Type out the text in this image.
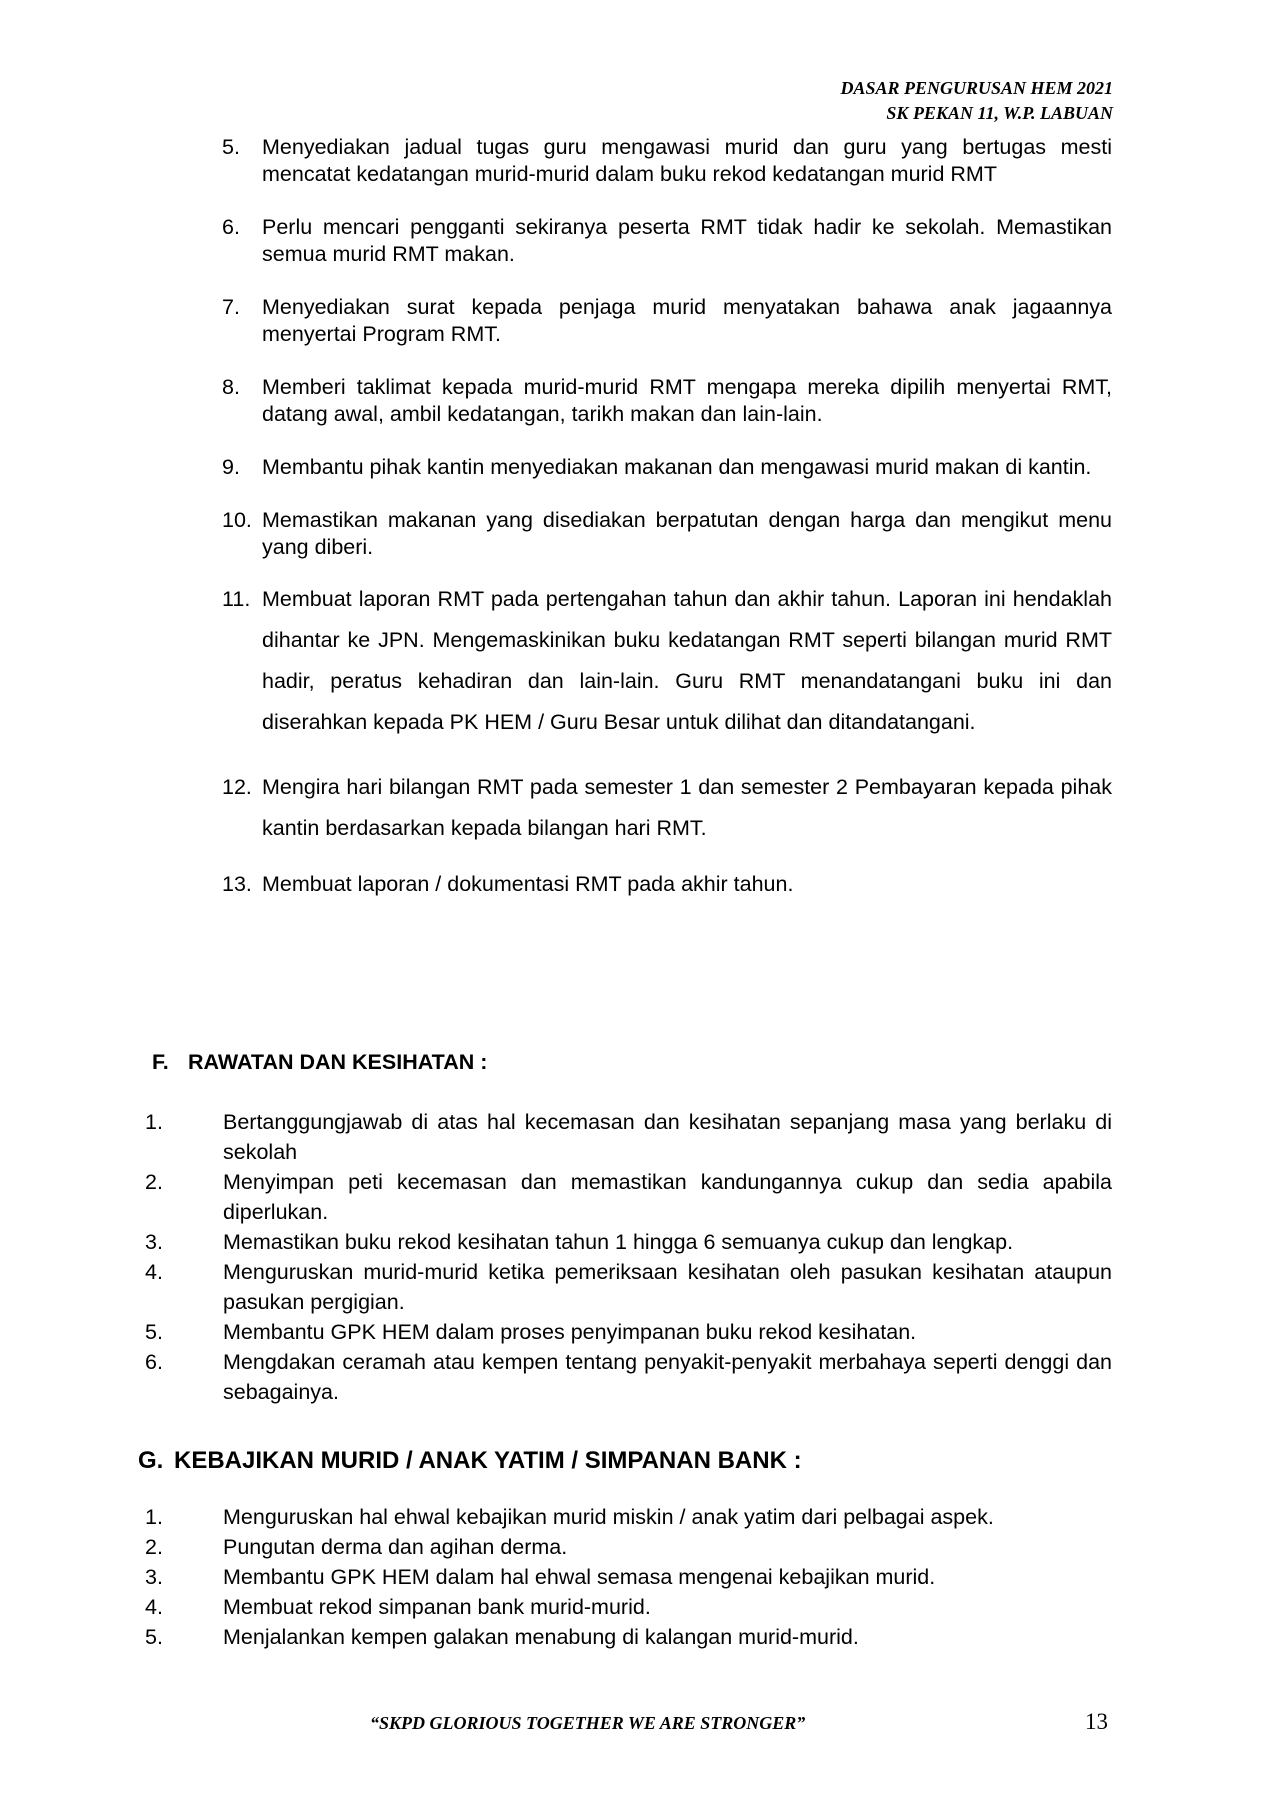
DASAR PENGURUSAN HEM 2021
SK PEKAN 11, W.P. LABUAN
5.	Menyediakan jadual tugas guru mengawasi murid dan guru yang bertugas mesti mencatat kedatangan murid-murid dalam buku rekod kedatangan murid RMT
6.	Perlu mencari pengganti sekiranya peserta RMT tidak hadir ke sekolah. Memastikan semua murid RMT makan.
7.	Menyediakan surat kepada penjaga murid menyatakan bahawa anak jagaannya menyertai Program RMT.
8.	Memberi taklimat kepada murid-murid RMT mengapa mereka dipilih menyertai RMT, datang awal, ambil kedatangan, tarikh makan dan lain-lain.
9.	Membantu pihak kantin menyediakan makanan dan mengawasi murid makan di kantin.
10. Memastikan makanan yang disediakan berpatutan dengan harga dan mengikut menu yang diberi.
11. Membuat laporan RMT pada pertengahan tahun dan akhir tahun. Laporan ini hendaklah dihantar ke JPN. Mengemaskinikan buku kedatangan RMT seperti bilangan murid RMT hadir, peratus kehadiran dan lain-lain. Guru RMT menandatangani buku ini dan diserahkan kepada PK HEM / Guru Besar untuk dilihat dan ditandatangani.
12. Mengira hari bilangan RMT pada semester 1 dan semester 2 Pembayaran kepada pihak kantin berdasarkan kepada bilangan hari RMT.
13. Membuat laporan / dokumentasi RMT pada akhir tahun.
F. RAWATAN DAN KESIHATAN :
1.	Bertanggungjawab di atas hal kecemasan dan kesihatan sepanjang masa yang berlaku di sekolah
2.	Menyimpan peti kecemasan dan memastikan kandungannya cukup dan sedia apabila diperlukan.
3.	Memastikan buku rekod kesihatan tahun 1 hingga 6 semuanya cukup dan lengkap.
4.	Menguruskan murid-murid ketika pemeriksaan kesihatan oleh pasukan kesihatan ataupun pasukan pergigian.
5.	Membantu GPK HEM dalam proses penyimpanan buku rekod kesihatan.
6.	Mengdakan ceramah atau kempen tentang penyakit-penyakit merbahaya seperti denggi dan sebagainya.
G. KEBAJIKAN MURID / ANAK YATIM / SIMPANAN BANK :
1.	Menguruskan hal ehwal kebajikan murid miskin / anak yatim dari pelbagai aspek.
2.	Pungutan derma dan agihan derma.
3.	Membantu GPK HEM dalam hal ehwal semasa mengenai kebajikan murid.
4.	Membuat rekod simpanan bank murid-murid.
5.	Menjalankan kempen galakan menabung di kalangan murid-murid.
“SKPD GLORIOUS TOGETHER WE ARE STRONGER”	13
